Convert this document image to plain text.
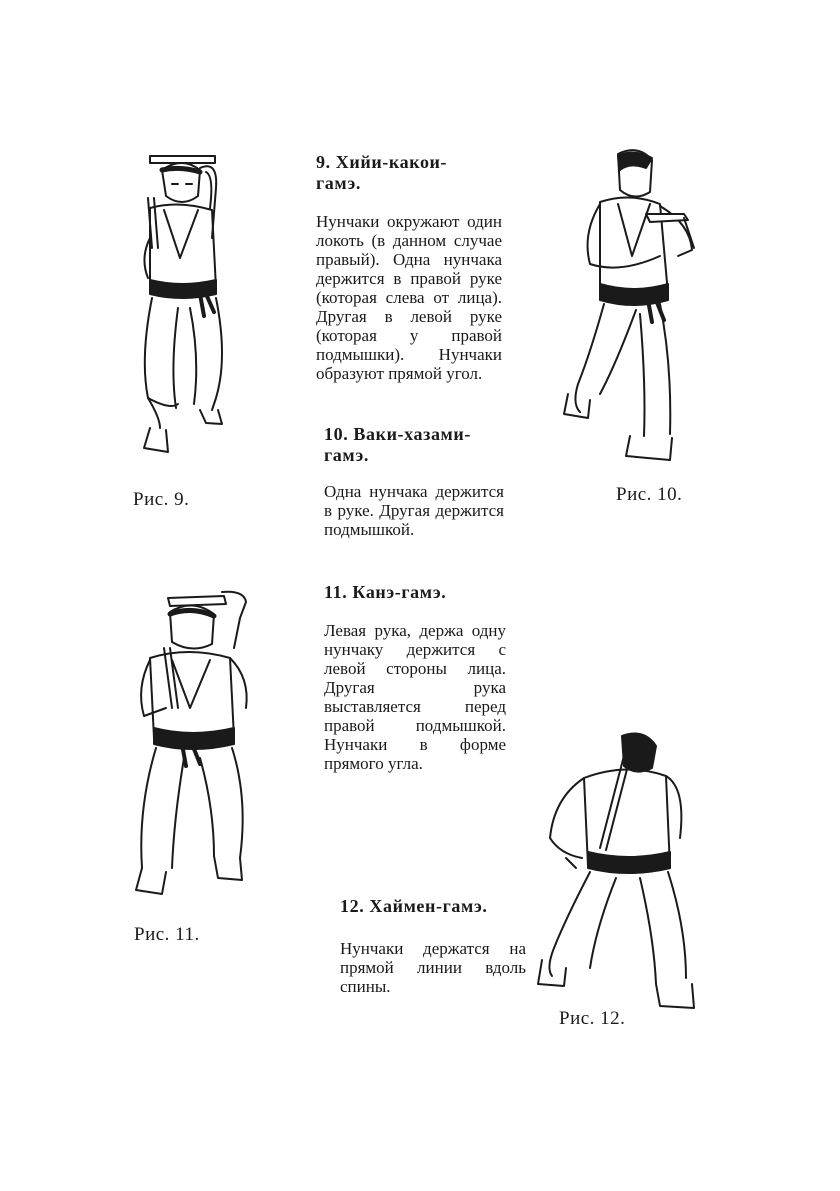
Рис. 9.	Рис. 10.
Рис. 11.
Рис. 12.
9. Хийи-какои-гамэ.

Нунчаки окружают один локоть (в данном случае правый). Одна нунчака держится в правой руке (которая слева от лица). Другая в левой руке (которая у правой подмышки). Нунчаки образуют прямой угол.

10. Ваки-хазами-гамэ.

Одна нунчака держится в руке. Другая держится подмышкой.

11. Канэ-гамэ.

Левая рука, держа одну нунчаку держится с левой стороны лица. Другая рука выставляется перед правой подмышкой. Нунчаки в форме прямого угла.

12. Хаймен-гамэ.

Нунчаки держатся на прямой линии вдоль спины.
